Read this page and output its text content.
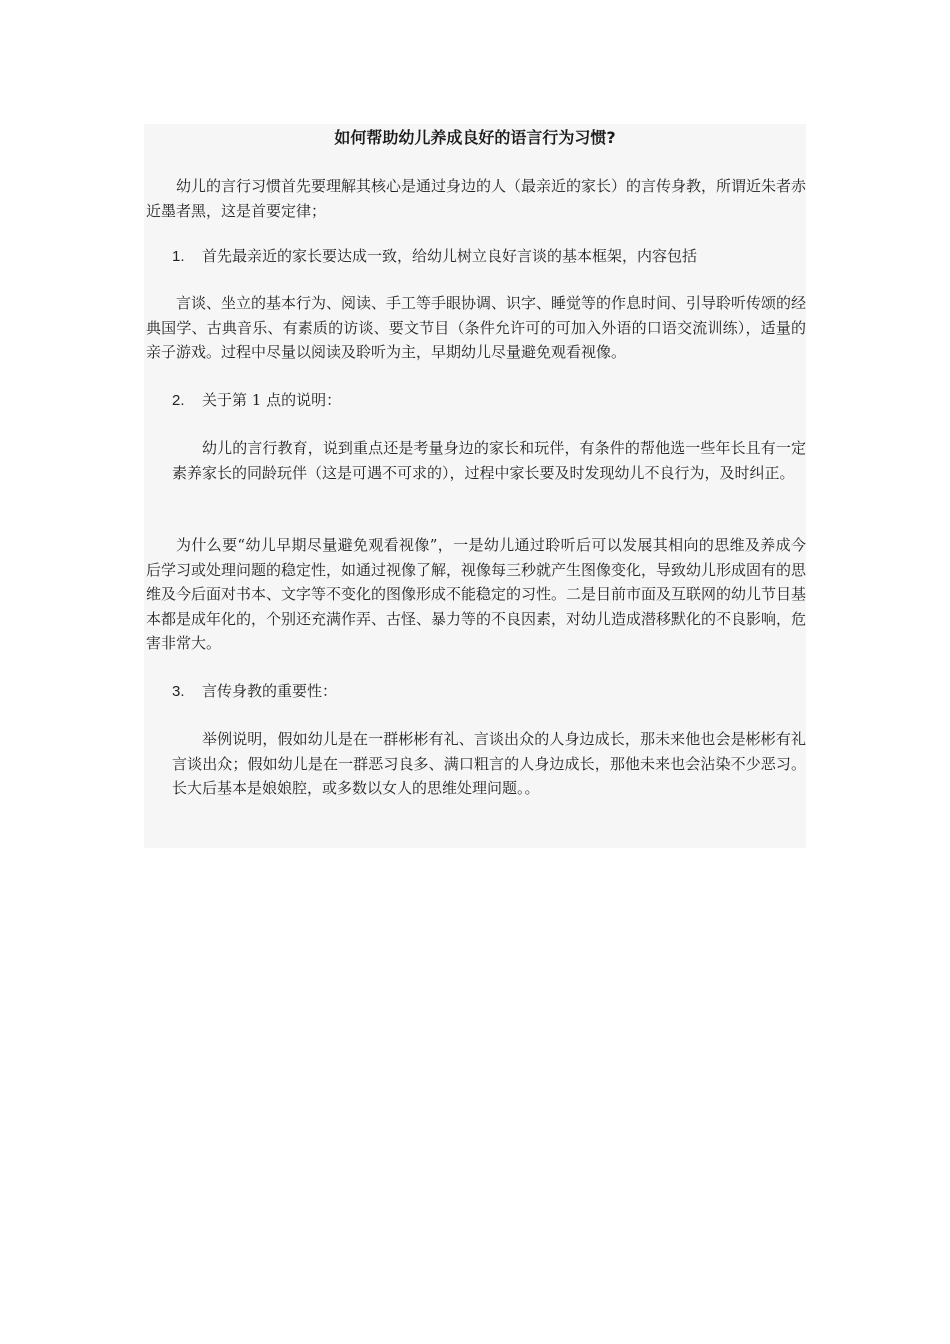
如何帮助幼儿养成良好的语言行为习惯?

幼儿的言行习惯首先要理解其核心是通过身边的人（最亲近的家长）的言传身教，所谓近朱者赤近墨者黑，这是首要定律；

1. 首先最亲近的家长要达成一致，给幼儿树立良好言谈的基本框架，内容包括

言谈、坐立的基本行为、阅读、手工等手眼协调、识字、睡觉等的作息时间、引导聆听传颂的经典国学、古典音乐、有素质的访谈、要文节目（条件允许可的可加入外语的口语交流训练），适量的亲子游戏。过程中尽量以阅读及聆听为主，早期幼儿尽量避免观看视像。

2. 关于第 1 点的说明：

幼儿的言行教育，说到重点还是考量身边的家长和玩伴，有条件的帮他选一些年长且有一定素养家长的同龄玩伴（这是可遇不可求的），过程中家长要及时发现幼儿不良行为，及时纠正。

为什么要“幼儿早期尽量避免观看视像”，一是幼儿通过聆听后可以发展其相向的思维及养成今后学习或处理问题的稳定性，如通过视像了解，视像每三秒就产生图像变化，导致幼儿形成固有的思维及今后面对书本、文字等不变化的图像形成不能稳定的习性。二是目前市面及互联网的幼儿节目基本都是成年化的，个别还充满作弄、古怪、暴力等的不良因素，对幼儿造成潜移默化的不良影响，危害非常大。

3. 言传身教的重要性：

举例说明，假如幼儿是在一群彬彬有礼、言谈出众的人身边成长，那未来他也会是彬彬有礼言谈出众；假如幼儿是在一群恶习良多、满口粗言的人身边成长，那他未来也会沾染不少恶习。长大后基本是娘娘腔，或多数以女人的思维处理问题。。
